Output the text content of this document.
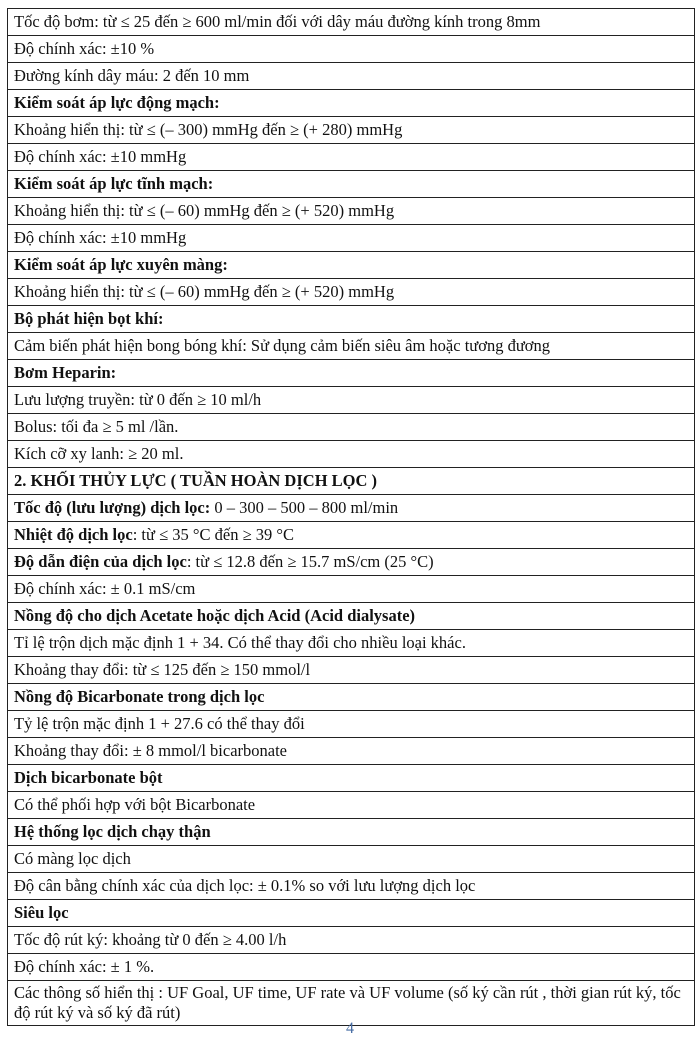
Tốc độ bơm: từ ≤ 25 đến ≥ 600 ml/min đối với dây máu đường kính trong 8mm
Độ chính xác: ±10 %
Đường kính dây máu: 2 đến 10 mm
Kiểm soát áp lực động mạch:
Khoảng hiển thị: từ ≤ (– 300) mmHg đến ≥ (+ 280) mmHg
Độ chính xác: ±10 mmHg
Kiểm soát áp lực tĩnh mạch:
Khoảng hiển thị: từ ≤ (– 60) mmHg đến ≥ (+ 520) mmHg
Độ chính xác: ±10 mmHg
Kiểm soát áp lực xuyên màng:
Khoảng hiển thị: từ ≤ (– 60) mmHg đến ≥ (+ 520) mmHg
Bộ phát hiện bọt khí:
Cảm biến phát hiện bong bóng khí: Sử dụng cảm biến siêu âm hoặc tương đương
Bơm Heparin:
Lưu lượng truyền: từ 0 đến ≥ 10 ml/h
Bolus: tối đa ≥ 5 ml /lần.
Kích cỡ xy lanh: ≥ 20 ml.
2. KHỐI THỦY LỰC ( TUẦN HOÀN DỊCH LỌC )
Tốc độ (lưu lượng) dịch lọc: 0 – 300 – 500 – 800 ml/min
Nhiệt độ dịch lọc: từ ≤ 35 °C đến ≥ 39 °C
Độ dẫn điện của dịch lọc: từ ≤ 12.8 đến ≥ 15.7 mS/cm (25 °C)
Độ chính xác: ± 0.1 mS/cm
Nồng độ cho dịch Acetate hoặc dịch Acid (Acid dialysate)
Tỉ lệ trộn dịch mặc định 1 + 34. Có thể thay đổi cho nhiều loại khác.
Khoảng thay đổi: từ ≤ 125 đến ≥ 150 mmol/l
Nồng độ Bicarbonate trong dịch lọc
Tỷ lệ trộn mặc định 1 + 27.6 có thể thay đổi
Khoảng thay đổi: ± 8 mmol/l bicarbonate
Dịch bicarbonate bột
Có thể phối hợp với bột Bicarbonate
Hệ thống lọc dịch chạy thận
Có màng lọc dịch
Độ cân bằng chính xác của dịch lọc: ± 0.1% so với lưu lượng dịch lọc
Siêu lọc
Tốc độ rút ký: khoảng từ 0 đến ≥ 4.00 l/h
Độ chính xác: ± 1 %.
Các thông số hiển thị : UF Goal, UF time, UF rate và UF volume (số ký cần rút , thời gian rút ký, tốc độ rút ký và số ký đã rút)
4
